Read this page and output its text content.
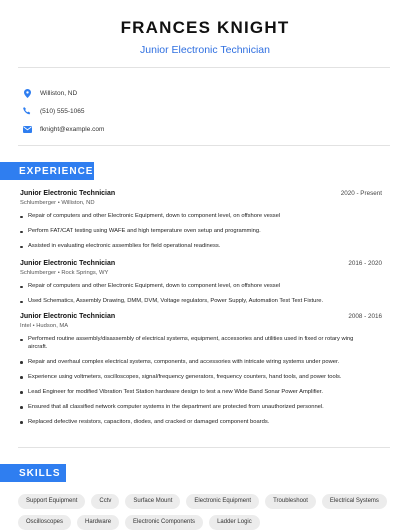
FRANCES KNIGHT
Junior Electronic Technician
Williston, ND
(510) 555-1065
fknight@example.com
EXPERIENCE
Junior Electronic Technician	2020 - Present
Schlumberger • Williston, ND
Repair of computers and other Electronic Equipment, down to component level, on offshore vessel
Perform FAT/CAT testing using WAFE and high temperature oven setup and programming.
Assisted in evaluating electronic assemblies for field operational readiness.
Junior Electronic Technician	2016 - 2020
Schlumberger • Rock Springs, WY
Repair of computers and other Electronic Equipment, down to component level, on offshore vessel
Used Schematics, Assembly Drawing, DMM, DVM, Voltage regulators, Power Supply, Automation Test Text Fixture.
Junior Electronic Technician	2008 - 2016
Intel • Hudson, MA
Performed routine assembly/disassembly of electrical systems, equipment, accessories and utilities used in fixed or rotary wing aircraft.
Repair and overhaul complex electrical systems, components, and accessories with intricate wiring systems under power.
Experience using voltmeters, oscilloscopes, signal/frequency generators, frequency counters, hand tools, and power tools.
Lead Engineer for modified Vibration Test Station hardware design to test a new Wide Band Sonar Power Amplifier.
Ensured that all classified network computer systems in the department are protected from unauthorized personnel.
Replaced defective resistors, capacitors, diodes, and cracked or damaged component boards.
SKILLS
Support Equipment	Cctv	Surface Mount	Electronic Equipment	Troubleshoot	Electrical Systems
Oscilloscopes	Hardware	Electronic Components	Ladder Logic
